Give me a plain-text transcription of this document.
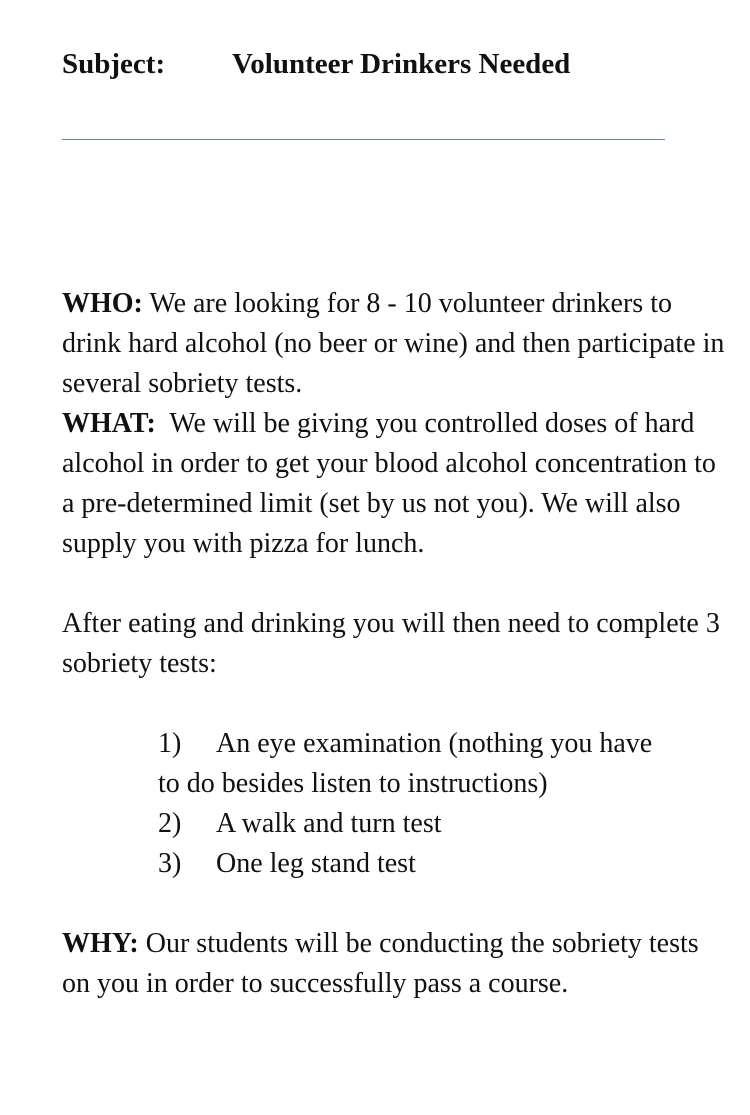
Subject: Volunteer Drinkers Needed

WHO: We are looking for 8 - 10 volunteer drinkers to drink hard alcohol (no beer or wine) and then participate in several sobriety tests.

WHAT: We will be giving you controlled doses of hard alcohol in order to get your blood alcohol concentration to a pre-determined limit (set by us not you). We will also supply you with pizza for lunch.

After eating and drinking you will then need to complete 3 sobriety tests:

1) An eye examination (nothing you have
to do besides listen to instructions)
2) A walk and turn test
3) One leg stand test

WHY: Our students will be conducting the sobriety tests on you in order to successfully pass a course.
